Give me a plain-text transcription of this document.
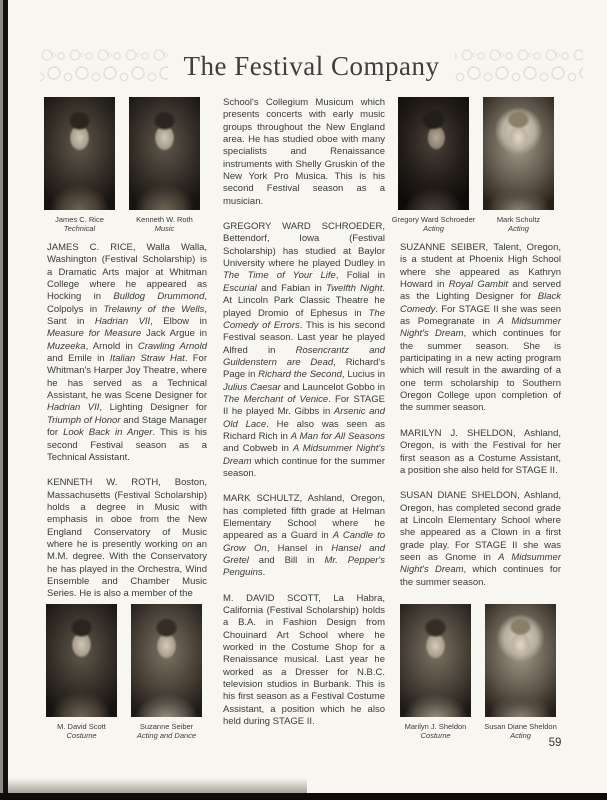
The Festival Company
James C. Rice
Technical
Kenneth W. Roth
Music
Gregory Ward Schroeder
Acting
Mark Schultz
Acting

JAMES C. RICE, Walla Walla, Washington (Festival Scholarship) is a Dramatic Arts major at Whitman College where he appeared as Hocking in Bulldog Drummond, Colpolys in Trelawny of the Wells, Sant in Hadrian VII, Elbow in Measure for Measure Jack Argue in Muzeeka, Arnold in Crawling Arnold and Emile in Italian Straw Hat. For Whitman's Harper Joy Theatre, where he has served as a Technical Assistant, he was Scene Designer for Hadrian VII, Lighting Designer for Triumph of Honor and Stage Manager for Look Back in Anger. This is his second Festival season as a Technical Assistant.

KENNETH W. ROTH, Boston, Massachusetts (Festival Scholarship) holds a degree in Music with emphasis in oboe from the New England Conservatory of Music where he is presently working on an M.M. degree. With the Conservatory he has played in the Orchestra, Wind Ensemble and Chamber Music Series. He is also a member of the

School's Collegium Musicum which presents concerts with early music groups throughout the New England area. He has studied oboe with many specialists and Renaissance instruments with Shelly Gruskin of the New York Pro Musica. This is his second Festival season as a musician.

GREGORY WARD SCHROEDER, Bettendorf, Iowa (Festival Scholarship) has studied at Baylor University where he played Dudley in The Time of Your Life, Folial in Escurial and Fabian in Twelfth Night. At Lincoln Park Classic Theatre he played Dromio of Ephesus in The Comedy of Errors. This is his second Festival season. Last year he played Alfred in Rosencrantz and Guildenstern are Dead, Richard's Page in Richard the Second, Lucius in Julius Caesar and Launcelot Gobbo in The Merchant of Venice. For STAGE II he played Mr. Gibbs in Arsenic and Old Lace. He also was seen as Richard Rich in A Man for All Seasons and Cobweb in A Midsummer Night's Dream which continue for the summer season.

MARK SCHULTZ, Ashland, Oregon, has completed fifth grade at Helman Elementary School where he appeared as a Guard in A Candle to Grow On, Hansel in Hansel and Gretel and Bill in Mr. Pepper's Penguins.

M. DAVID SCOTT, La Habra, California (Festival Scholarship) holds a B.A. in Fashion Design from Chouinard Art School where he worked in the Costume Shop for a Renaissance musical. Last year he worked as a Dresser for N.B.C. television studios in Burbank. This is his first season as a Festival Costume Assistant, a position which he also held during STAGE II.

SUZANNE SEIBER, Talent, Oregon, is a student at Phoenix High School where she appeared as Kathryn Howard in Royal Gambit and served as the Lighting Designer for Black Comedy. For STAGE II she was seen as Pomegranate in A Midsummer Night's Dream, which continues for the summer season. She is participating in a new acting program which will result in the awarding of a one term scholarship to Southern Oregon College upon completion of the summer season.

MARILYN J. SHELDON, Ashland, Oregon, is with the Festival for her first season as a Costume Assistant, a position she also held for STAGE II.

SUSAN DIANE SHELDON, Ashland, Oregon, has completed second grade at Lincoln Elementary School where she appeared as a Clown in a first grade play. For STAGE II she was seen as Gnome in A Midsummer Night's Dream, which continues for the summer season.

M. David Scott
Costume
Suzanne Seiber
Acting and Dance
Marilyn J. Sheldon
Costume
Susan Diane Sheldon
Acting
59
